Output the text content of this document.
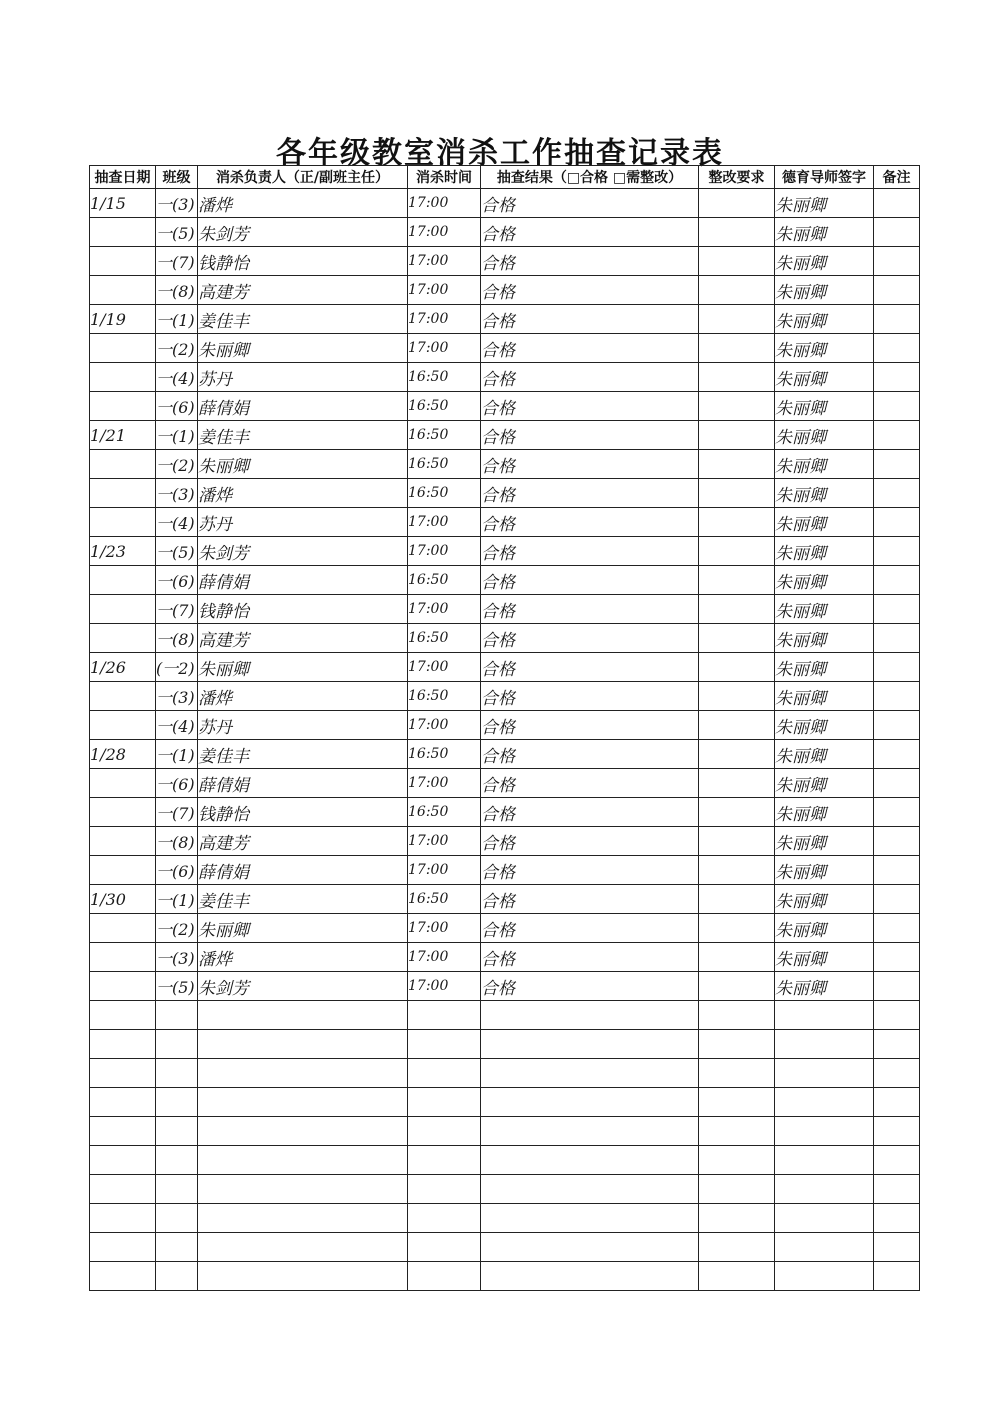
各年级教室消杀工作抽查记录表
抽查日期	班级	消杀负责人（正/副班主任）	消杀时间	抽查结果（□合格 □需整改）	整改要求	德育导师签字	备注
1/15	一(3)	潘烨	17:00	合格		朱丽卿	
	一(5)	朱剑芳	17:00	合格		朱丽卿	
	一(7)	钱静怡	17:00	合格		朱丽卿	
	一(8)	高建芳	17:00	合格		朱丽卿	
1/19	一(1)	姜佳丰	17:00	合格		朱丽卿	
	一(2)	朱丽卿	17:00	合格		朱丽卿	
	一(4)	苏丹	16:50	合格		朱丽卿	
	一(6)	薛倩娟	16:50	合格		朱丽卿	
1/21	一(1)	姜佳丰	16:50	合格		朱丽卿	
	一(2)	朱丽卿	16:50	合格		朱丽卿	
	一(3)	潘烨	16:50	合格		朱丽卿	
	一(4)	苏丹	17:00	合格		朱丽卿	
1/23	一(5)	朱剑芳	17:00	合格		朱丽卿	
	一(6)	薛倩娟	16:50	合格		朱丽卿	
	一(7)	钱静怡	17:00	合格		朱丽卿	
	一(8)	高建芳	16:50	合格		朱丽卿	
1/26	(一2)	朱丽卿	17:00	合格		朱丽卿	
	一(3)	潘烨	16:50	合格		朱丽卿	
	一(4)	苏丹	17:00	合格		朱丽卿	
1/28	一(1)	姜佳丰	16:50	合格		朱丽卿	
	一(6)	薛倩娟	17:00	合格		朱丽卿	
	一(7)	钱静怡	16:50	合格		朱丽卿	
	一(8)	高建芳	17:00	合格		朱丽卿	
	一(6)	薛倩娟	17:00	合格		朱丽卿	
1/30	一(1)	姜佳丰	16:50	合格		朱丽卿	
	一(2)	朱丽卿	17:00	合格		朱丽卿	
	一(3)	潘烨	17:00	合格		朱丽卿	
	一(5)	朱剑芳	17:00	合格		朱丽卿	
